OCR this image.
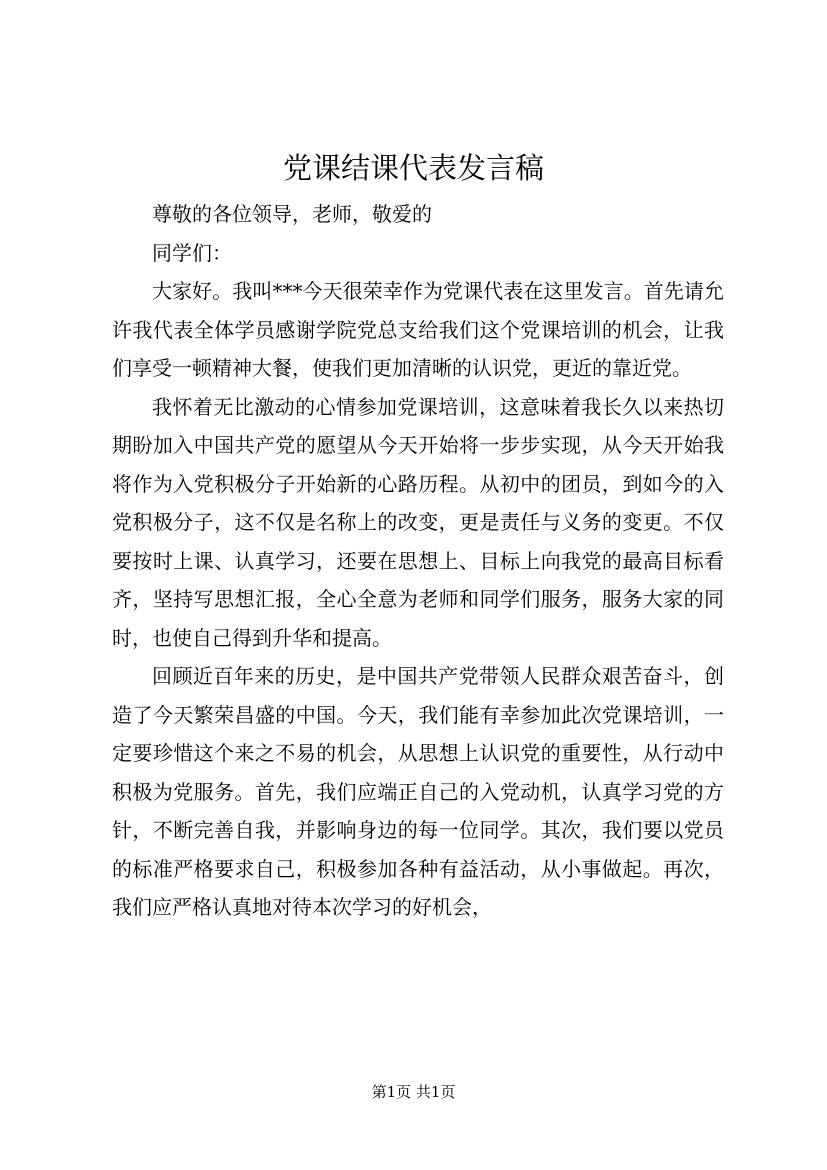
党课结课代表发言稿

尊敬的各位领导，老师，敬爱的

同学们：

大家好。我叫***今天很荣幸作为党课代表在这里发言。首先请允许我代表全体学员感谢学院党总支给我们这个党课培训的机会，让我们享受一顿精神大餐，使我们更加清晰的认识党，更近的靠近党。

我怀着无比激动的心情参加党课培训，这意味着我长久以来热切期盼加入中国共产党的愿望从今天开始将一步步实现，从今天开始我将作为入党积极分子开始新的心路历程。从初中的团员，到如今的入党积极分子，这不仅是名称上的改变，更是责任与义务的变更。不仅要按时上课、认真学习，还要在思想上、目标上向我党的最高目标看齐，坚持写思想汇报，全心全意为老师和同学们服务，服务大家的同时，也使自己得到升华和提高。

回顾近百年来的历史，是中国共产党带领人民群众艰苦奋斗，创造了今天繁荣昌盛的中国。今天，我们能有幸参加此次党课培训，一定要珍惜这个来之不易的机会，从思想上认识党的重要性，从行动中积极为党服务。首先，我们应端正自己的入党动机，认真学习党的方针，不断完善自我，并影响身边的每一位同学。其次，我们要以党员的标准严格要求自己，积极参加各种有益活动，从小事做起。再次，我们应严格认真地对待本次学习的好机会，

第1页 共1页
